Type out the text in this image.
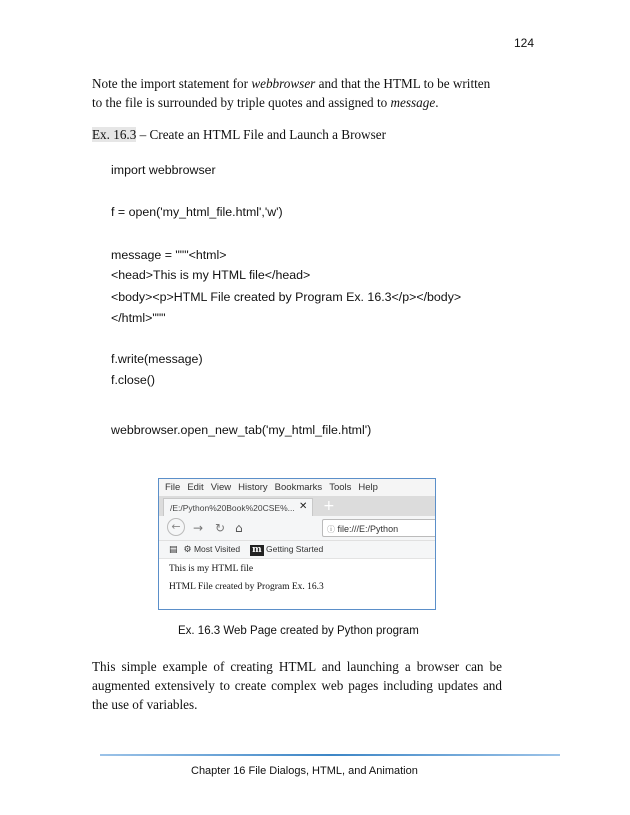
124
Note the import statement for webbrowser and that the HTML to be written to the file is surrounded by triple quotes and assigned to message.
Ex. 16.3 – Create an HTML File and Launch a Browser
import webbrowser
f = open('my_html_file.html','w')
message = """<html>
<head>This is my HTML file</head>
<body><p>HTML File created by Program Ex. 16.3</p></body>
</html>"""
f.write(message)
f.close()
webbrowser.open_new_tab('my_html_file.html')
File Edit View History Bookmarks Tools Help
/E:/Python%20Book%20CSE%... ✕ +
←	→ ↻ ⌂	ⓘ file:///E:/Python
▤ ⚙ Most Visited m Getting Started
This is my HTML file
HTML File created by Program Ex. 16.3
Ex. 16.3 Web Page created by Python program
This simple example of creating HTML and launching a browser can be augmented extensively to create complex web pages including updates and the use of variables.
Chapter 16 File Dialogs, HTML, and Animation
